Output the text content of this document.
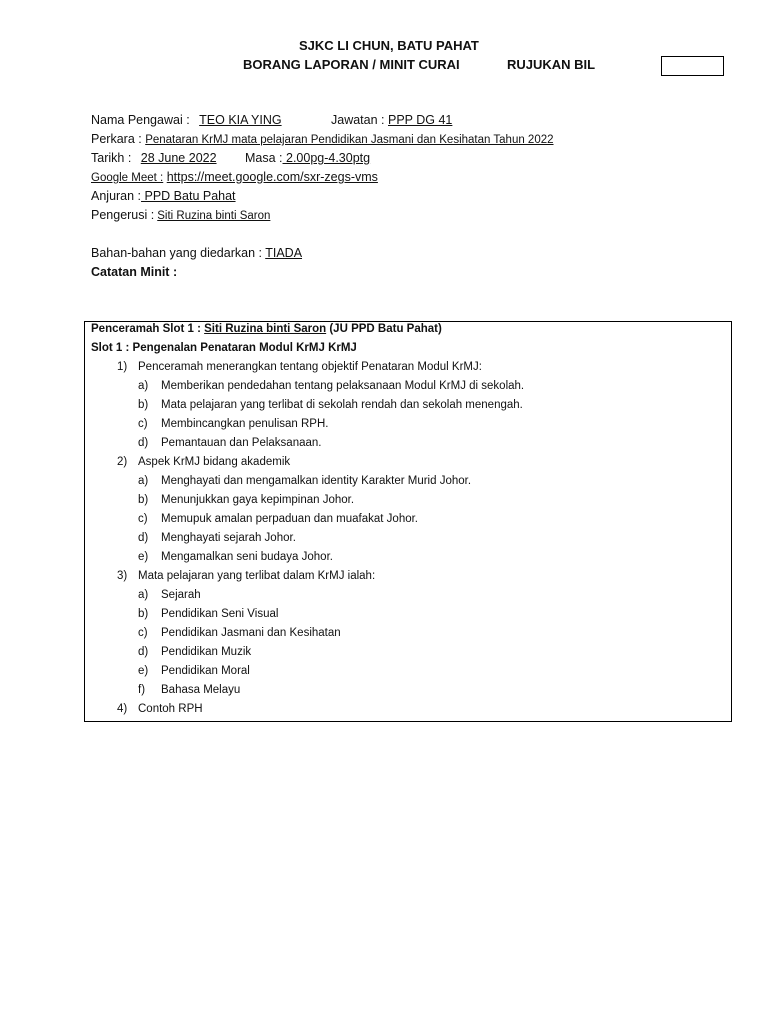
SJKC LI CHUN, BATU PAHAT
BORANG LAPORAN / MINIT CURAI	RUJUKAN BIL
Nama Pengawai : TEO KIA YING	Jawatan : PPP DG 41
Perkara : Penataran KrMJ mata pelajaran Pendidikan Jasmani dan Kesihatan Tahun 2022
Tarikh : 28 June 2022 Masa : 2.00pg-4.30ptg
Google Meet : https://meet.google.com/sxr-zegs-vms
Anjuran : PPD Batu Pahat
Pengerusi : Siti Ruzina binti Saron
Bahan-bahan yang diedarkan : TIADA
Catatan Minit :
Penceramah Slot 1 : Siti Ruzina binti Saron (JU PPD Batu Pahat)
Slot 1 : Pengenalan Penataran Modul KrMJ KrMJ
1) Penceramah menerangkan tentang objektif Penataran Modul KrMJ:
a) Memberikan pendedahan tentang pelaksanaan Modul KrMJ di sekolah.
b) Mata pelajaran yang terlibat di sekolah rendah dan sekolah menengah.
c) Membincangkan penulisan RPH.
d) Pemantauan dan Pelaksanaan.
2) Aspek KrMJ bidang akademik
a) Menghayati dan mengamalkan identity Karakter Murid Johor.
b) Menunjukkan gaya kepimpinan Johor.
c) Memupuk amalan perpaduan dan muafakat Johor.
d) Menghayati sejarah Johor.
e) Mengamalkan seni budaya Johor.
3) Mata pelajaran yang terlibat dalam KrMJ ialah:
a) Sejarah
b) Pendidikan Seni Visual
c) Pendidikan Jasmani dan Kesihatan
d) Pendidikan Muzik
e) Pendidikan Moral
f) Bahasa Melayu
4) Contoh RPH
